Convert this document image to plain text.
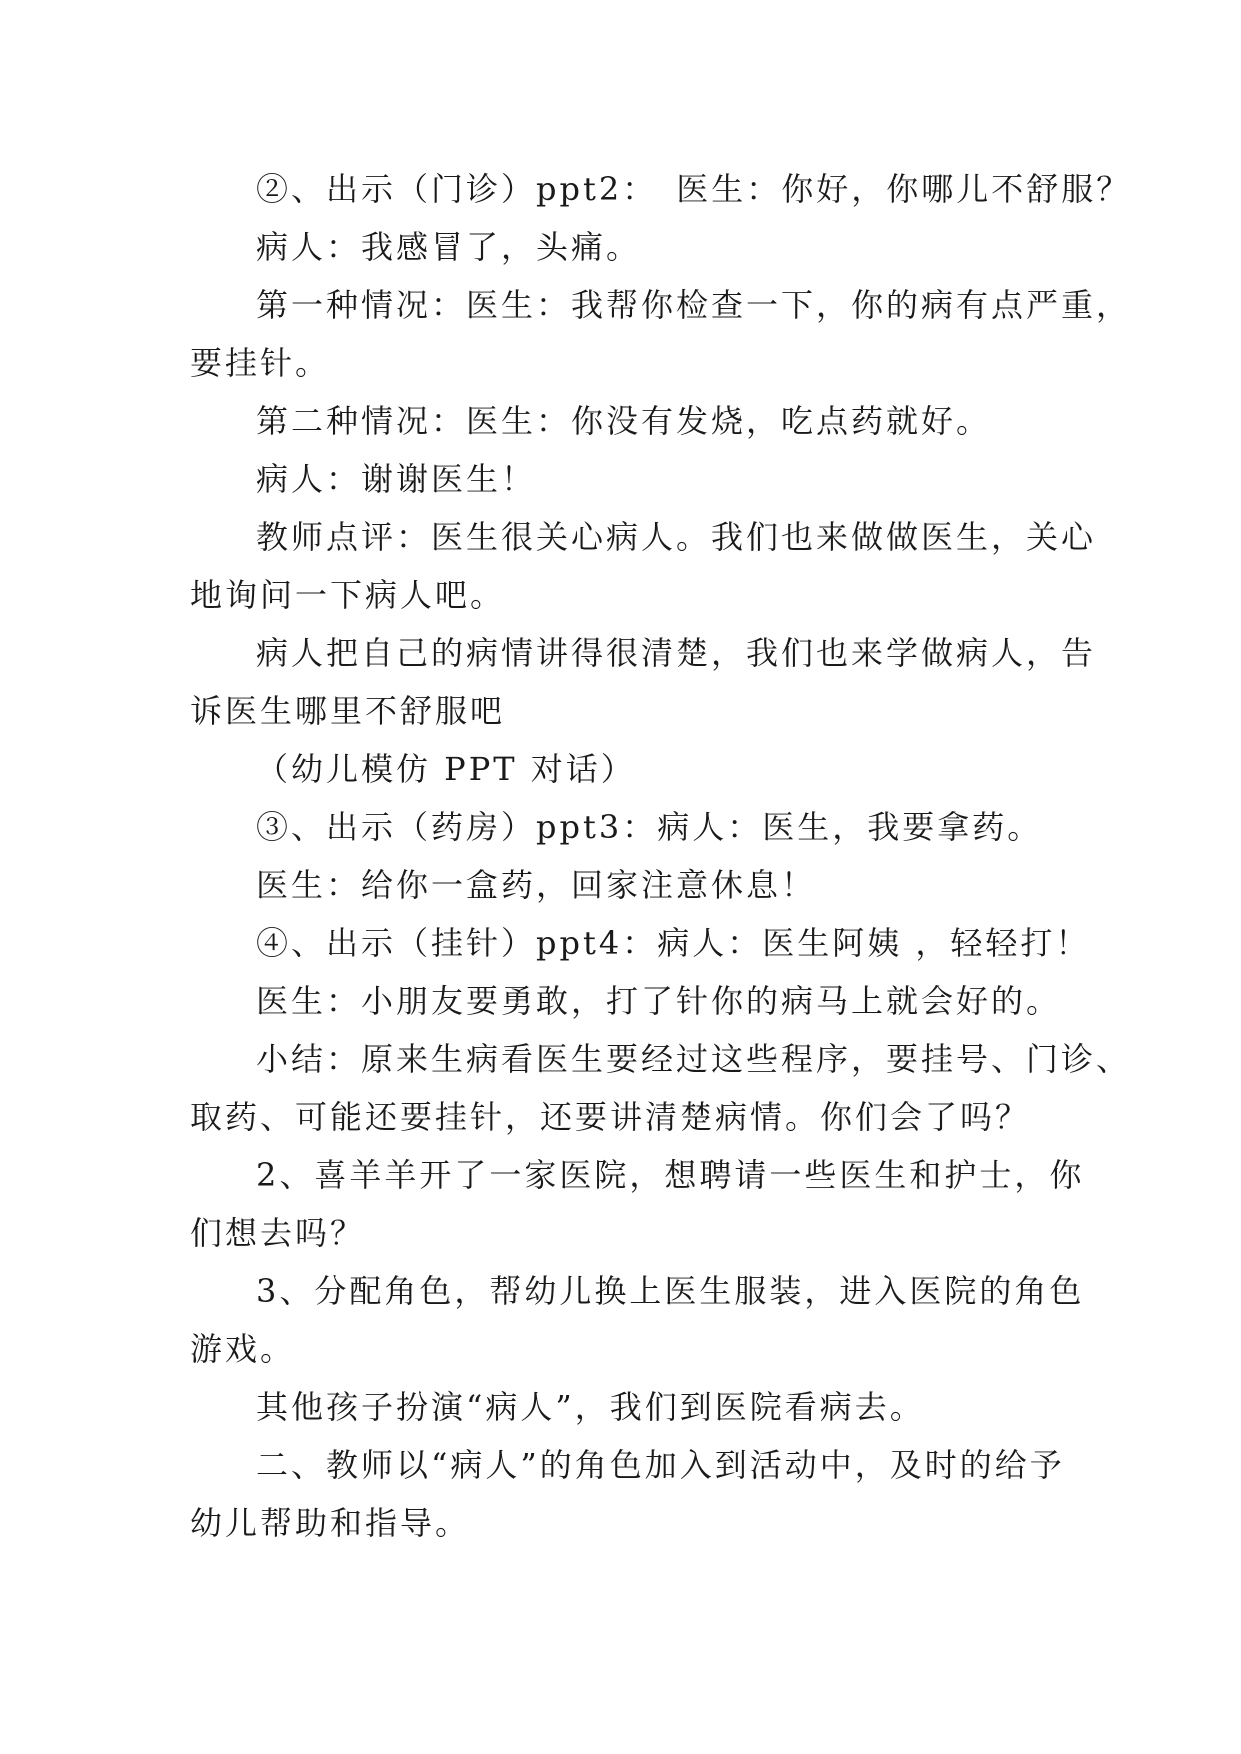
②、出示（门诊）ppt2：　医生：你好，你哪儿不舒服？

病人：我感冒了，头痛。

第一种情况：医生：我帮你检查一下，你的病有点严重，
要挂针。

第二种情况：医生：你没有发烧，吃点药就好。

病人：谢谢医生！

教师点评：医生很关心病人。我们也来做做医生，关心
地询问一下病人吧。

病人把自己的病情讲得很清楚，我们也来学做病人，告
诉医生哪里不舒服吧

（幼儿模仿 PPT 对话）

③、出示（药房）ppt3：病人：医生，我要拿药。

医生：给你一盒药，回家注意休息！

④、出示（挂针）ppt4：病人：医生阿姨 ，轻轻打！

医生：小朋友要勇敢，打了针你的病马上就会好的。

小结：原来生病看医生要经过这些程序，要挂号、门诊、
取药、可能还要挂针，还要讲清楚病情。你们会了吗？

2、喜羊羊开了一家医院，想聘请一些医生和护士，你
们想去吗？

3、分配角色，帮幼儿换上医生服装，进入医院的角色
游戏。

其他孩子扮演“病人”，我们到医院看病去。

二、教师以“病人”的角色加入到活动中，及时的给予
幼儿帮助和指导。
